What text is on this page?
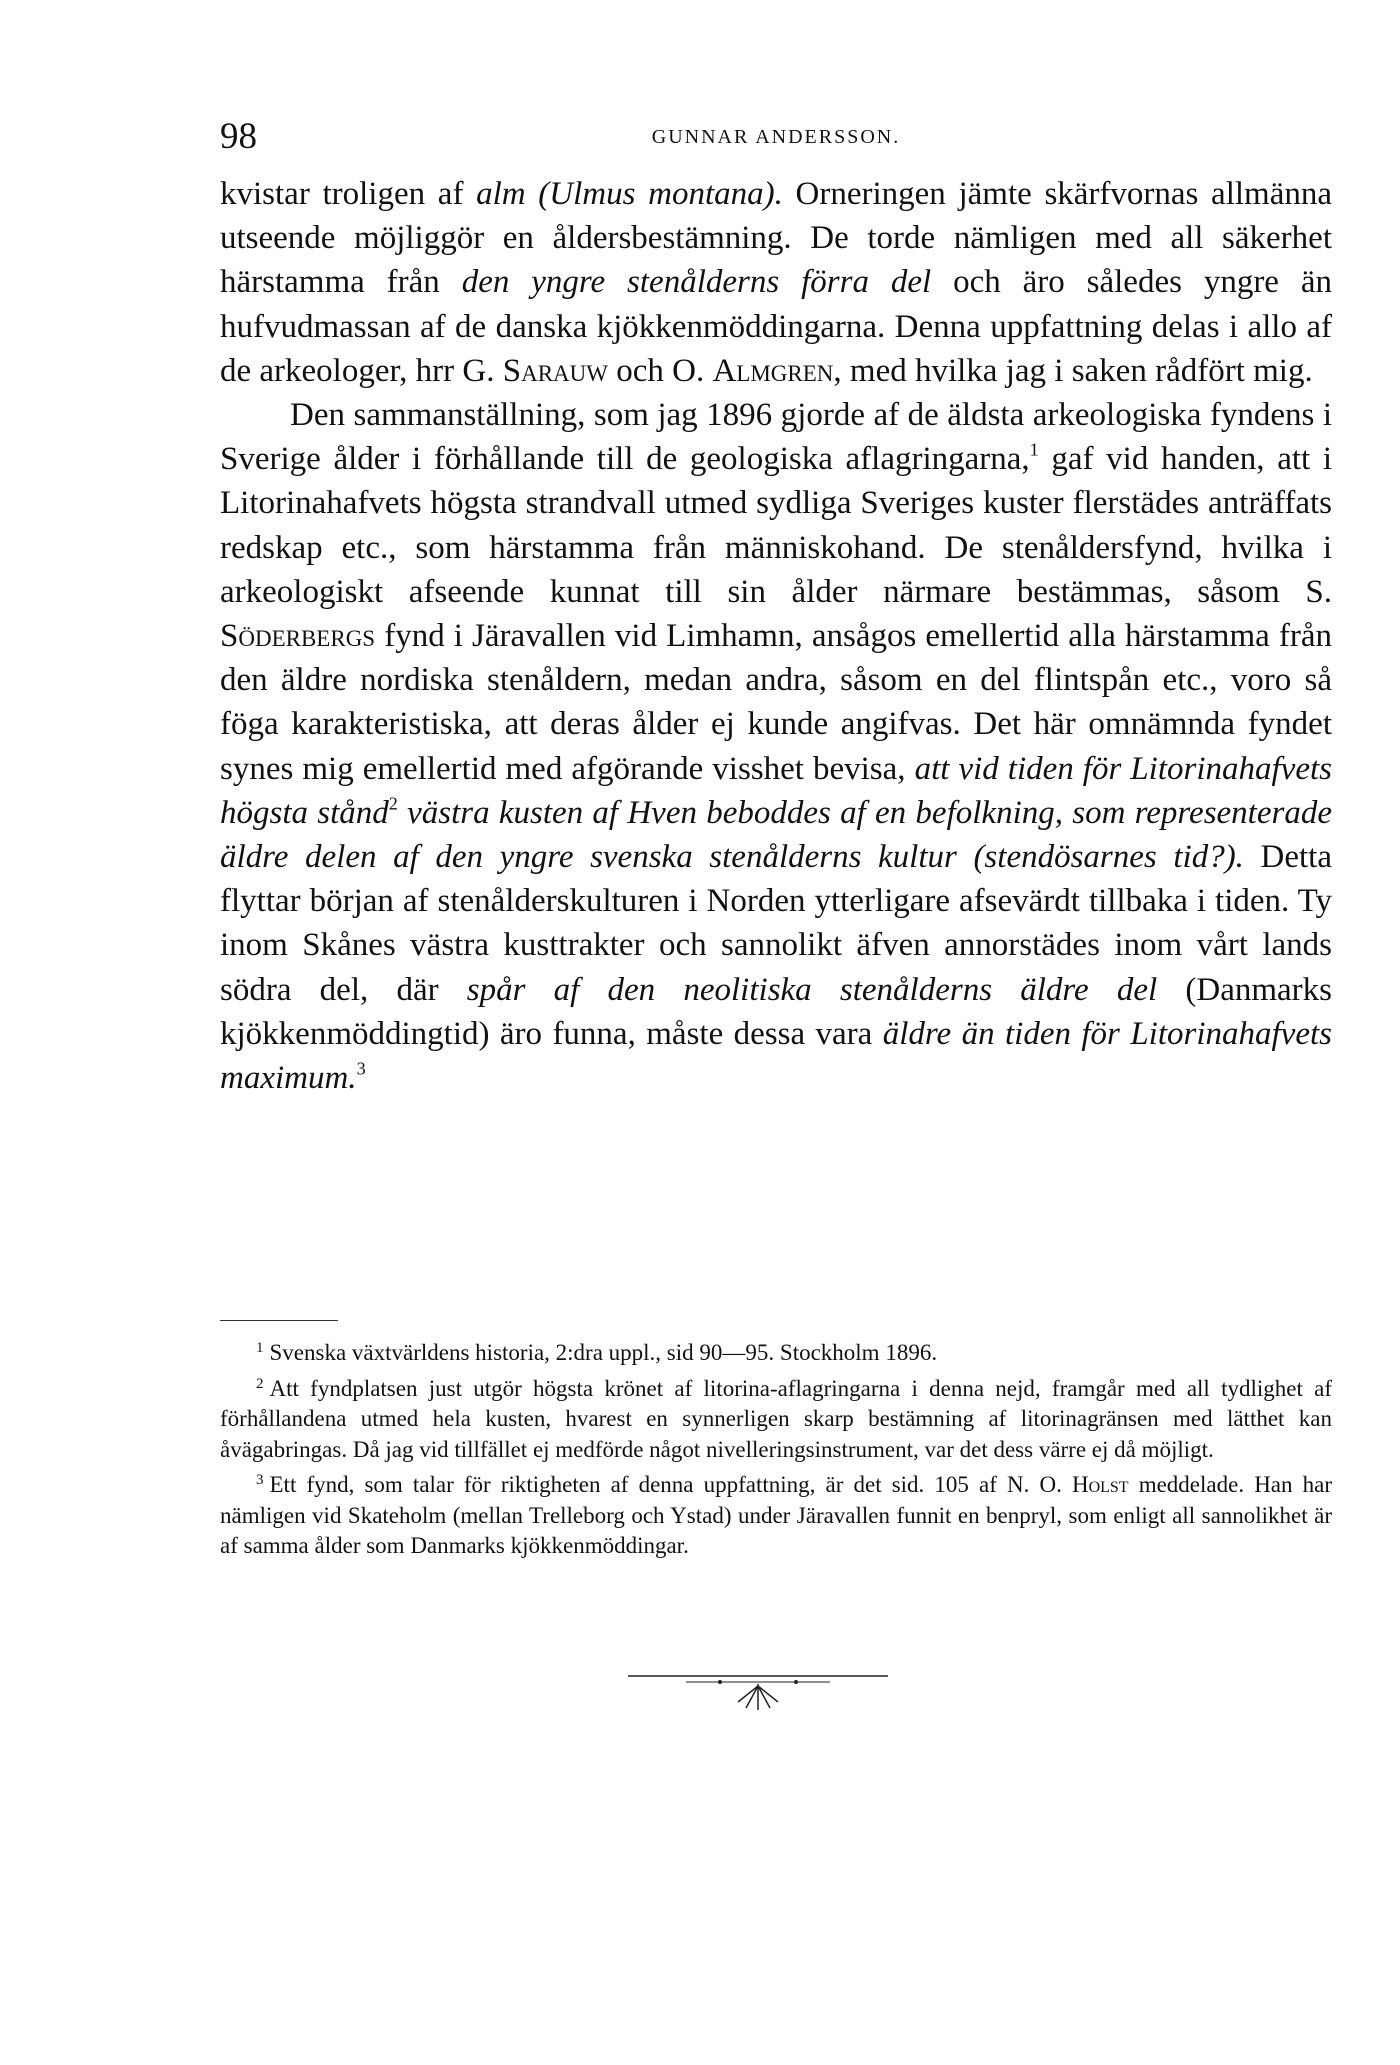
98	GUNNAR ANDERSSON.

kvistar troligen af alm (Ulmus montana). Orneringen jämte skärfvornas allmänna utseende möjliggör en åldersbestämning. De torde nämligen med all säkerhet härstamma från den yngre stenålderns förra del och äro således yngre än hufvudmassan af de danska kjökkenmöddingarna. Denna uppfattning delas i allo af de arkeologer, hrr G. Sarauw och O. Almgren, med hvilka jag i saken rådfört mig.

Den sammanställning, som jag 1896 gjorde af de äldsta arkeologiska fyndens i Sverige ålder i förhållande till de geologiska aflagringarna,$^1$ gaf vid handen, att i Litorinahafvets högsta strandvall utmed sydliga Sveriges kuster flerstädes anträffats redskap etc., som härstamma från människohand. De stenåldersfynd, hvilka i arkeologiskt afseende kunnat till sin ålder närmare bestämmas, såsom S. Söderbergs fynd i Järavallen vid Limhamn, ansågos emellertid alla härstamma från den äldre nordiska stenåldern, medan andra, såsom en del flintspån etc., voro så föga karakteristiska, att deras ålder ej kunde angifvas. Det här omnämnda fyndet synes mig emellertid med afgörande visshet bevisa, att vid tiden för Litorinahafvets högsta stånd$^2$ västra kusten af Hven beboddes af en befolkning, som representerade äldre delen af den yngre svenska stenålderns kultur (stendösarnes tid?). Detta flyttar början af stenålderskulturen i Norden ytterligare afsevärdt tillbaka i tiden. Ty inom Skånes västra kusttrakter och sannolikt äfven annorstädes inom vårt lands södra del, där spår af den neolitiska stenålderns äldre del (Danmarks kjökkenmöddingtid) äro funna, måste dessa vara äldre än tiden för Litorinahafvets maximum.$^3$

$^1$ Svenska växtvärldens historia, 2:dra uppl., sid 90—95. Stockholm 1896.

$^2$ Att fyndplatsen just utgör högsta krönet af litorina-aflagringarna i denna nejd, framgår med all tydlighet af förhållandena utmed hela kusten, hvarest en synnerligen skarp bestämning af litorinagränsen med lätthet kan åvägabringas. Då jag vid tillfället ej medförde något nivelleringsinstrument, var det dess värre ej då möjligt.

$^3$ Ett fynd, som talar för riktigheten af denna uppfattning, är det sid. 105 af N. O. Holst meddelade. Han har nämligen vid Skateholm (mellan Trelleborg och Ystad) under Järavallen funnit en benpryl, som enligt all sannolikhet är af samma ålder som Danmarks kjökkenmöddingar.
